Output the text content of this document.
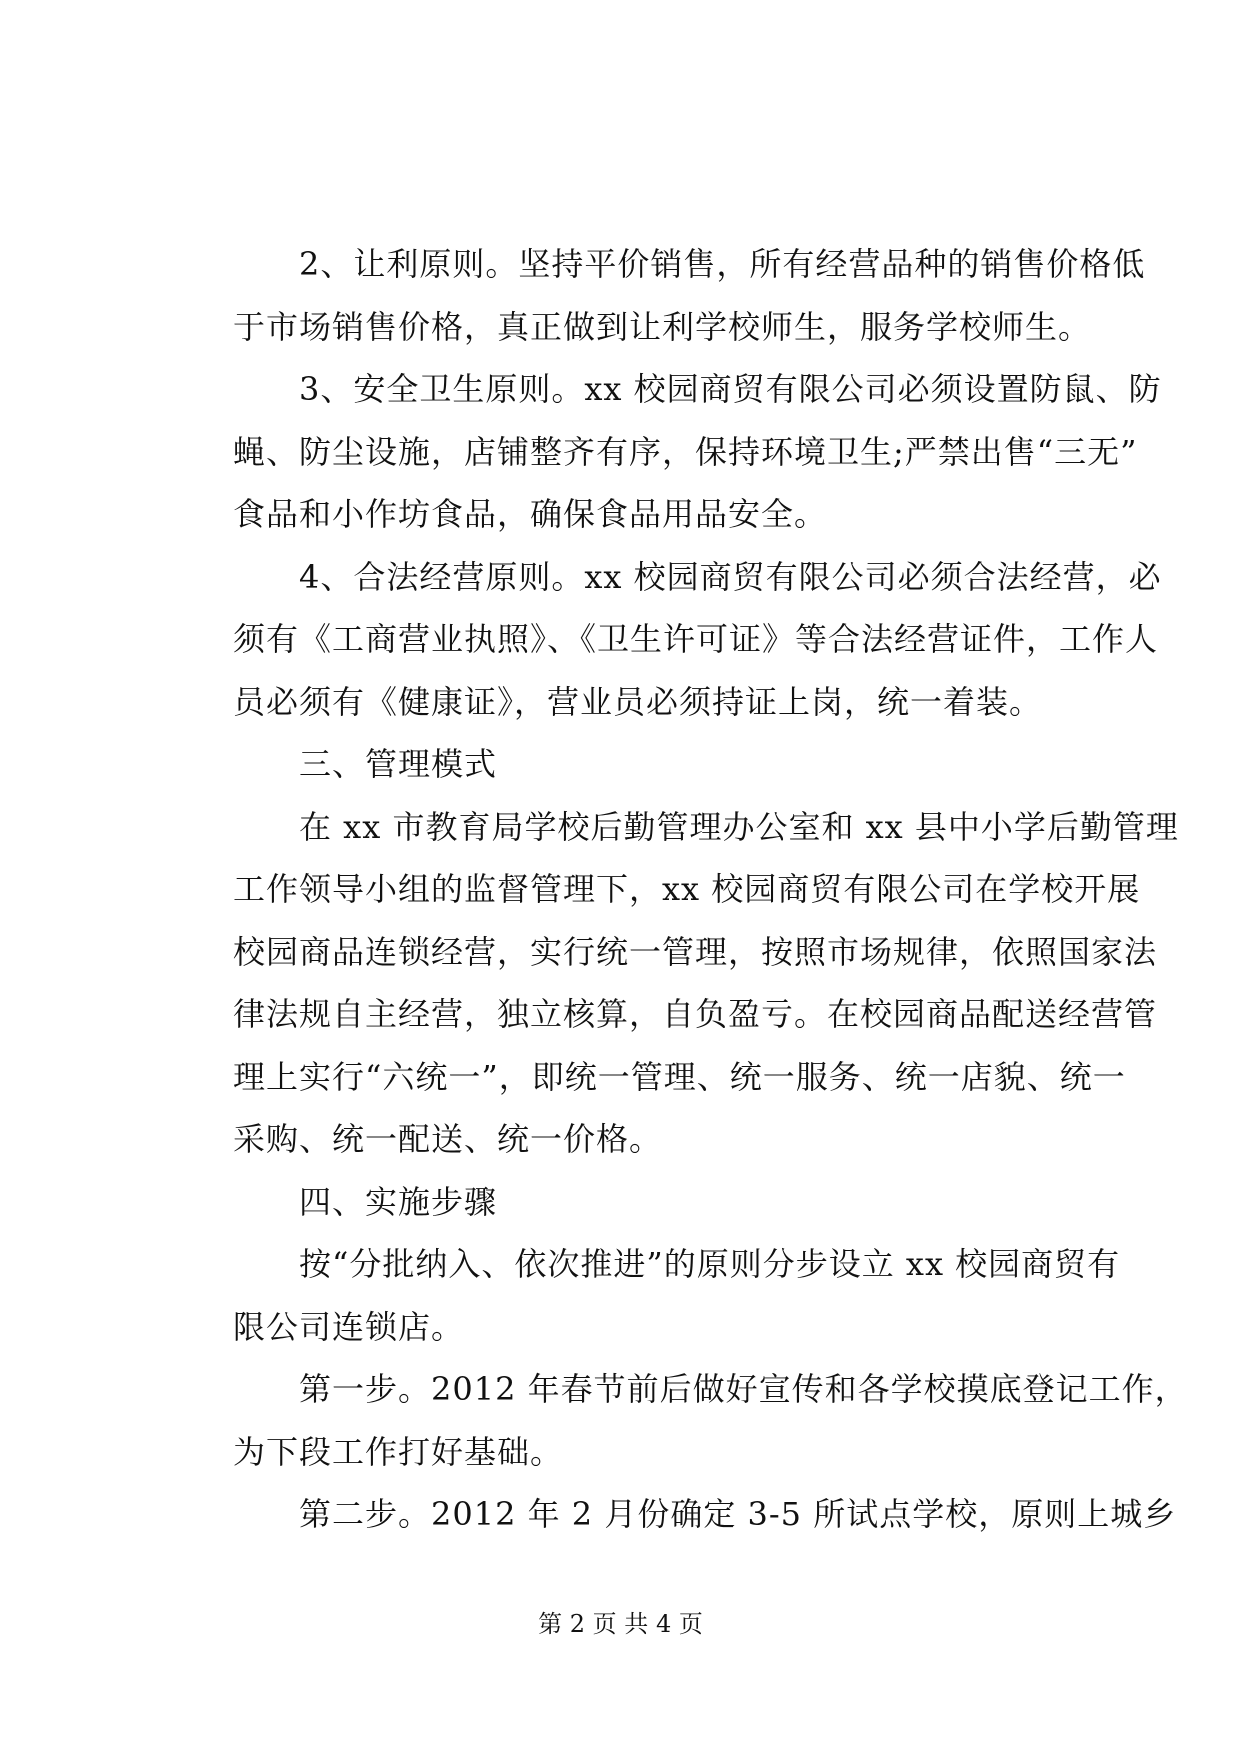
　　2、让利原则。坚持平价销售，所有经营品种的销售价格低
于市场销售价格，真正做到让利学校师生，服务学校师生。

　　3、安全卫生原则。xx 校园商贸有限公司必须设置防鼠、防
蝇、防尘设施，店铺整齐有序，保持环境卫生;严禁出售“三无”
食品和小作坊食品，确保食品用品安全。

　　4、合法经营原则。xx 校园商贸有限公司必须合法经营，必
须有《工商营业执照》、《卫生许可证》等合法经营证件，工作人
员必须有《健康证》，营业员必须持证上岗，统一着装。

　　三、管理模式

　　在 xx 市教育局学校后勤管理办公室和 xx 县中小学后勤管理
工作领导小组的监督管理下，xx 校园商贸有限公司在学校开展
校园商品连锁经营，实行统一管理，按照市场规律，依照国家法
律法规自主经营，独立核算，自负盈亏。在校园商品配送经营管
理上实行“六统一”，即统一管理、统一服务、统一店貌、统一
采购、统一配送、统一价格。

　　四、实施步骤

　　按“分批纳入、依次推进”的原则分步设立 xx 校园商贸有
限公司连锁店。

　　第一步。2012 年春节前后做好宣传和各学校摸底登记工作，
为下段工作打好基础。

　　第二步。2012 年 2 月份确定 3-5 所试点学校，原则上城乡

第 2 页 共 4 页
